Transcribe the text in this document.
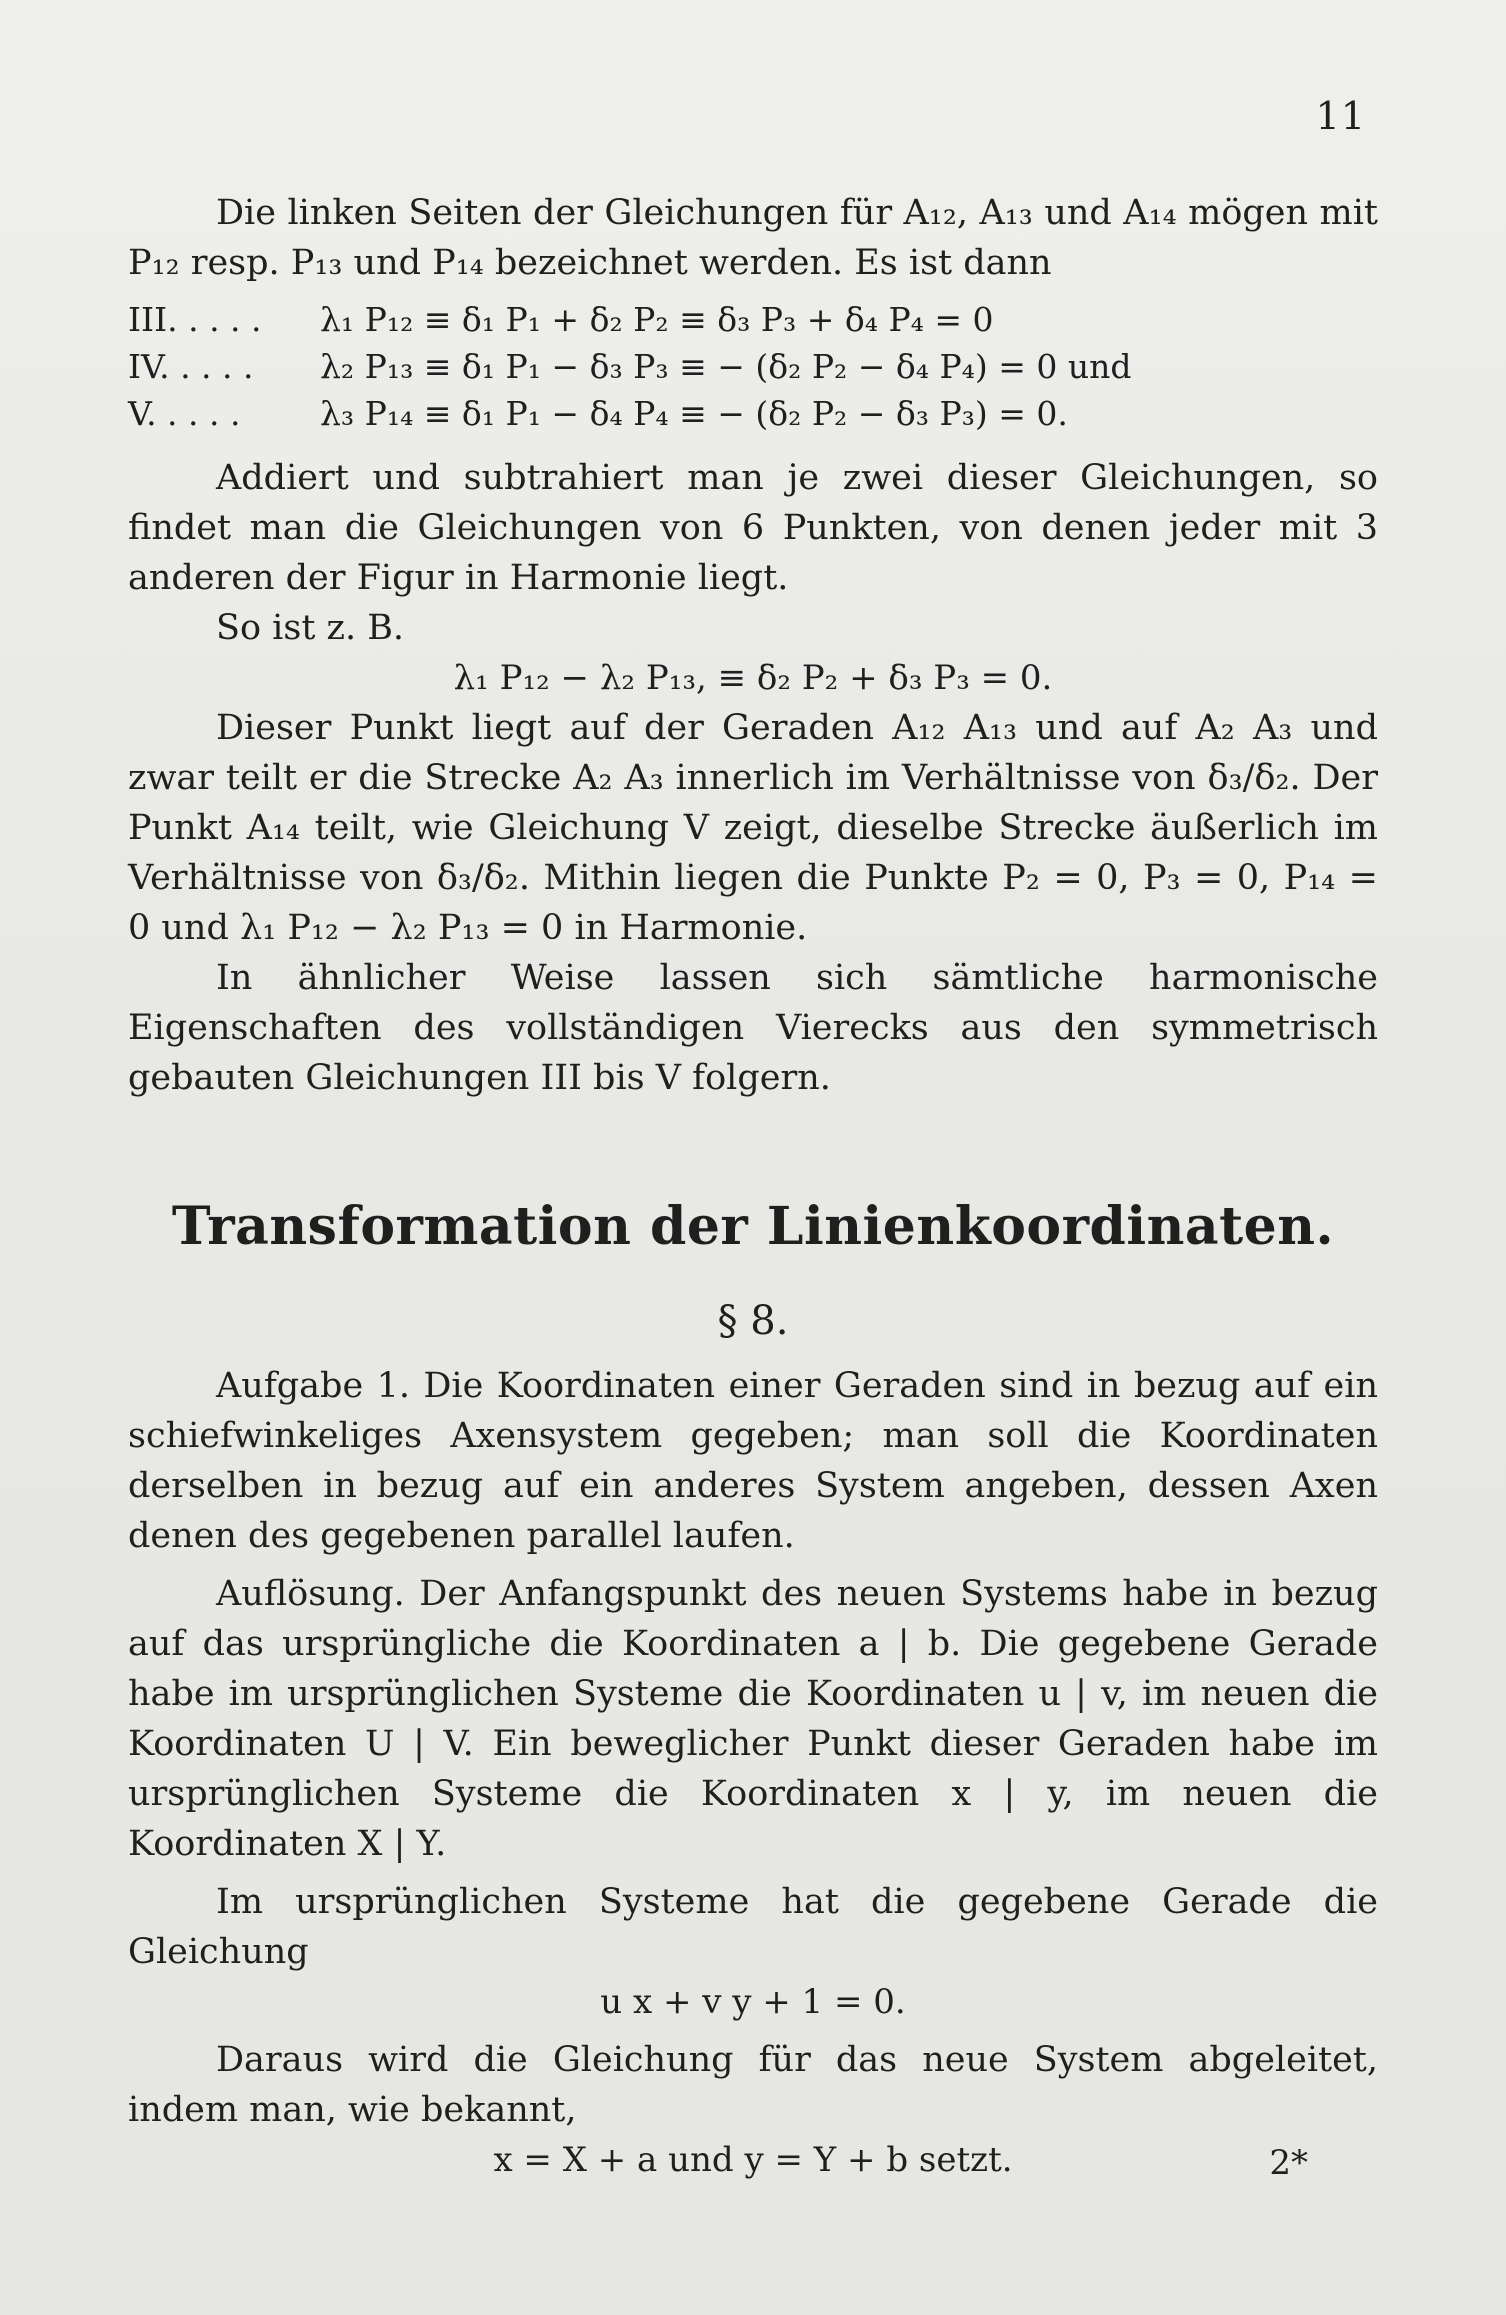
11

Die linken Seiten der Gleichungen für A₁₂, A₁₃ und A₁₄ mögen mit P₁₂ resp. P₁₃ und P₁₄ bezeichnet werden. Es ist dann

III. . . . .	λ₁ P₁₂ ≡ δ₁ P₁ + δ₂ P₂ ≡ δ₃ P₃ + δ₄ P₄ = 0
IV. . . . .	λ₂ P₁₃ ≡ δ₁ P₁ − δ₃ P₃ ≡ − (δ₂ P₂ − δ₄ P₄) = 0 und
V. . . . .	λ₃ P₁₄ ≡ δ₁ P₁ − δ₄ P₄ ≡ − (δ₂ P₂ − δ₃ P₃) = 0.

Addiert und subtrahiert man je zwei dieser Gleichungen, so findet man die Gleichungen von 6 Punkten, von denen jeder mit 3 anderen der Figur in Harmonie liegt.

So ist z. B.

λ₁ P₁₂ − λ₂ P₁₃, ≡ δ₂ P₂ + δ₃ P₃ = 0.

Dieser Punkt liegt auf der Geraden A₁₂ A₁₃ und auf A₂ A₃ und zwar teilt er die Strecke A₂ A₃ innerlich im Verhältnisse von δ₃/δ₂. Der Punkt A₁₄ teilt, wie Gleichung V zeigt, dieselbe Strecke äußerlich im Verhältnisse von δ₃/δ₂. Mithin liegen die Punkte P₂ = 0, P₃ = 0, P₁₄ = 0 und λ₁ P₁₂ − λ₂ P₁₃ = 0 in Harmonie.

In ähnlicher Weise lassen sich sämtliche harmonische Eigenschaften des vollständigen Vierecks aus den symmetrisch gebauten Gleichungen III bis V folgern.

Transformation der Linienkoordinaten.
§ 8.

Aufgabe 1. Die Koordinaten einer Geraden sind in bezug auf ein schiefwinkeliges Axensystem gegeben; man soll die Koordinaten derselben in bezug auf ein anderes System angeben, dessen Axen denen des gegebenen parallel laufen.

Auflösung. Der Anfangspunkt des neuen Systems habe in bezug auf das ursprüngliche die Koordinaten a | b. Die gegebene Gerade habe im ursprünglichen Systeme die Koordinaten u | v, im neuen die Koordinaten U | V. Ein beweglicher Punkt dieser Geraden habe im ursprünglichen Systeme die Koordinaten x | y, im neuen die Koordinaten X | Y.

Im ursprünglichen Systeme hat die gegebene Gerade die Gleichung

u x + v y + 1 = 0.

Daraus wird die Gleichung für das neue System abgeleitet, indem man, wie bekannt,

x = X + a und y = Y + b setzt.	2*
